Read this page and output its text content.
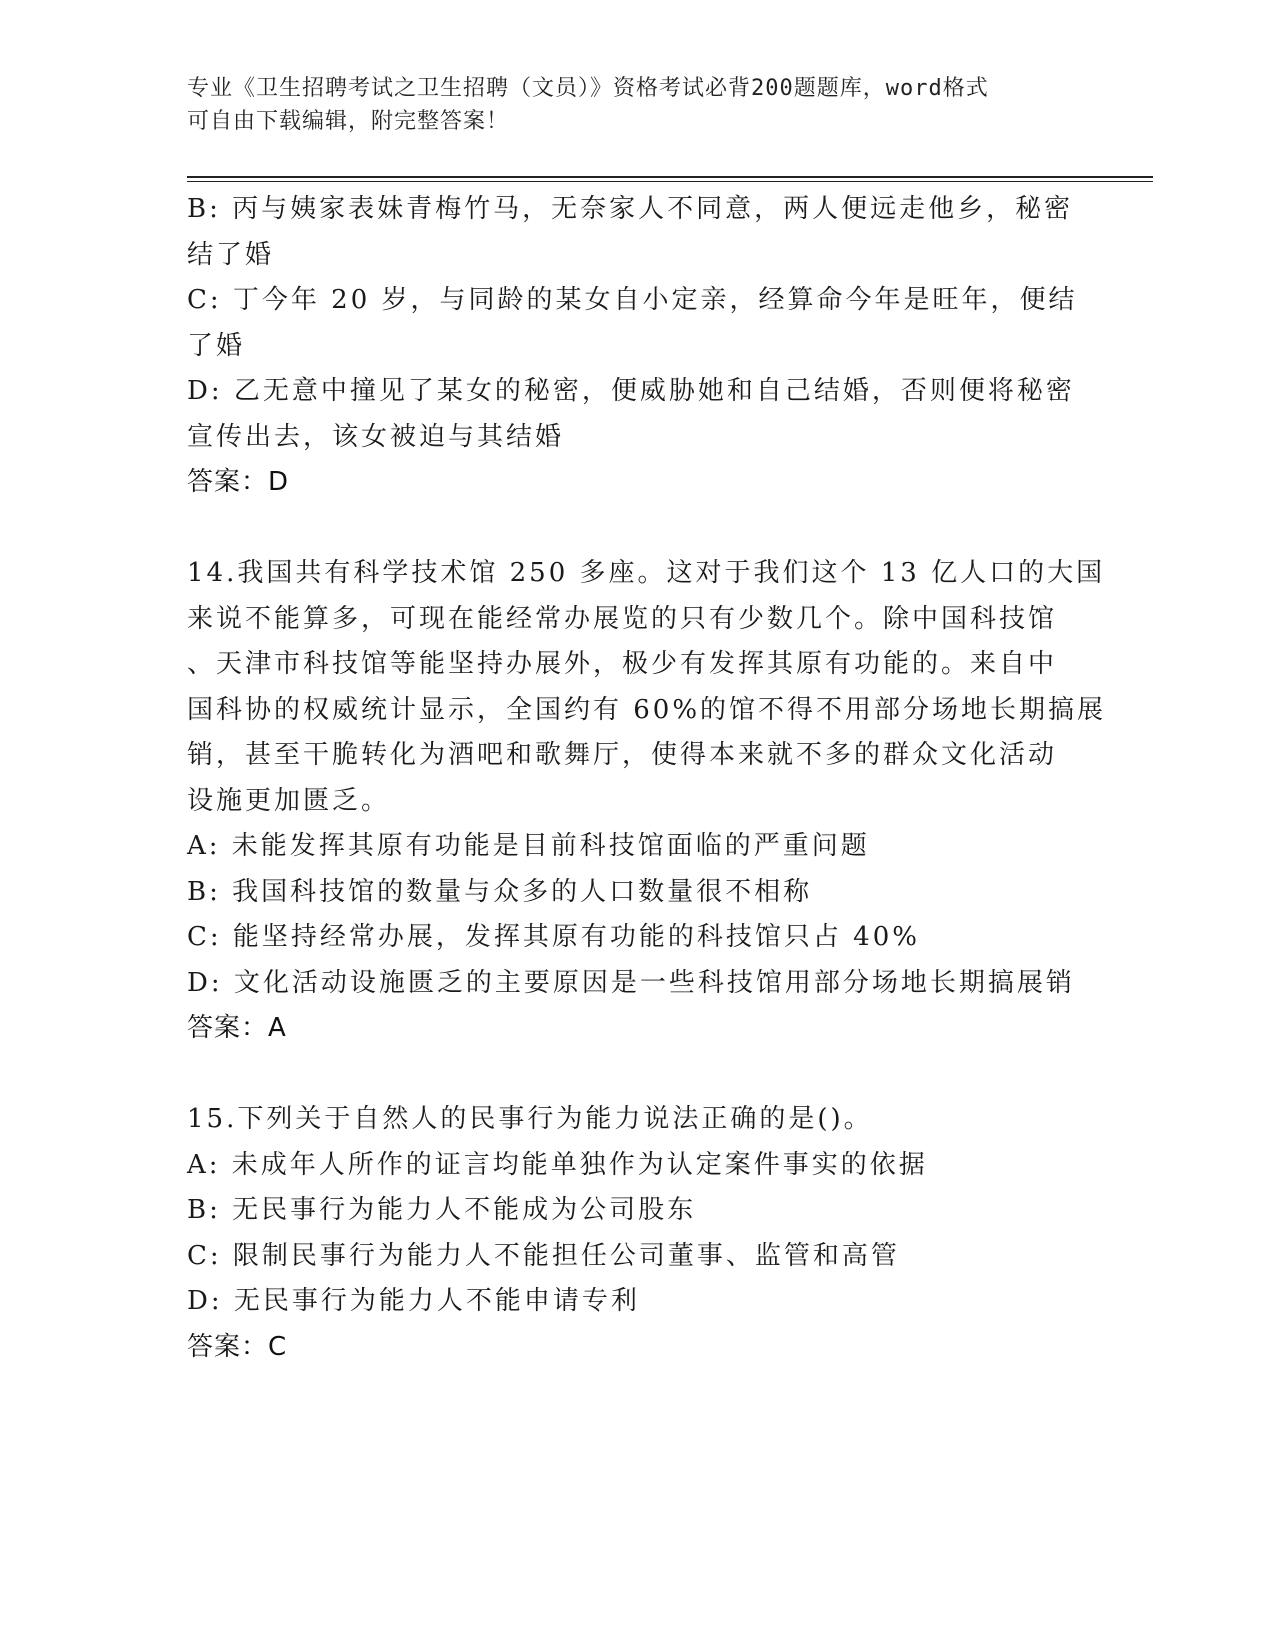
专业《卫生招聘考试之卫生招聘（文员）》资格考试必背200题题库，word格式
可自由下载编辑，附完整答案！
B: 丙与姨家表妹青梅竹马，无奈家人不同意，两人便远走他乡，秘密
结了婚
C: 丁今年 20 岁，与同龄的某女自小定亲，经算命今年是旺年，便结
了婚
D: 乙无意中撞见了某女的秘密，便威胁她和自己结婚，否则便将秘密
宣传出去，该女被迫与其结婚
答案：D
14.我国共有科学技术馆 250 多座。这对于我们这个 13 亿人口的大国
来说不能算多，可现在能经常办展览的只有少数几个。除中国科技馆
、天津市科技馆等能坚持办展外，极少有发挥其原有功能的。来自中
国科协的权威统计显示，全国约有 60%的馆不得不用部分场地长期搞展
销，甚至干脆转化为酒吧和歌舞厅，使得本来就不多的群众文化活动
设施更加匮乏。
A: 未能发挥其原有功能是目前科技馆面临的严重问题
B: 我国科技馆的数量与众多的人口数量很不相称
C: 能坚持经常办展，发挥其原有功能的科技馆只占 40%
D: 文化活动设施匮乏的主要原因是一些科技馆用部分场地长期搞展销
答案：A
15.下列关于自然人的民事行为能力说法正确的是()。
A: 未成年人所作的证言均能单独作为认定案件事实的依据
B: 无民事行为能力人不能成为公司股东
C: 限制民事行为能力人不能担任公司董事、监管和高管
D: 无民事行为能力人不能申请专利
答案：C
